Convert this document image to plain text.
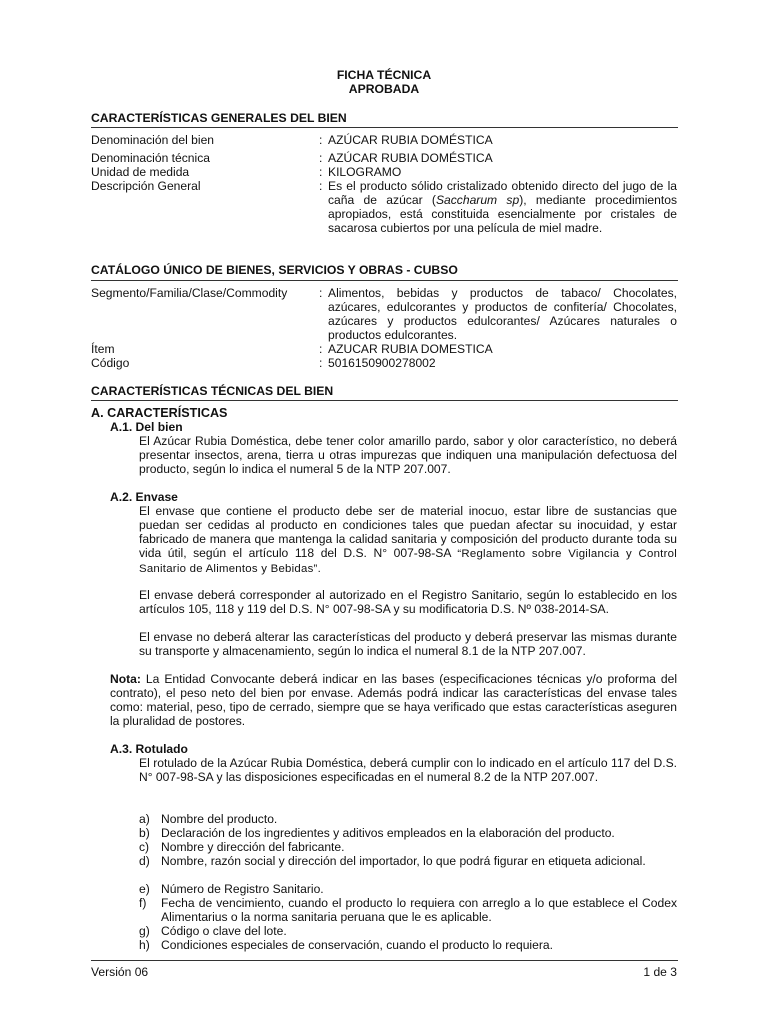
FICHA TÉCNICA
APROBADA
CARACTERÍSTICAS GENERALES DEL BIEN
Denominación del bien	: AZÚCAR RUBIA DOMÉSTICA
Denominación técnica	: AZÚCAR RUBIA DOMÉSTICA
Unidad de medida	: KILOGRAMO
Descripción General	: Es el producto sólido cristalizado obtenido directo del jugo de la caña de azúcar (Saccharum sp), mediante procedimientos apropiados, está constituida esencialmente por cristales de sacarosa cubiertos por una película de miel madre.
CATÁLOGO ÚNICO DE BIENES, SERVICIOS Y OBRAS - CUBSO
Segmento/Familia/Clase/Commodity	: Alimentos, bebidas y productos de tabaco/ Chocolates, azúcares, edulcorantes y productos de confitería/ Chocolates, azúcares y productos edulcorantes/ Azúcares naturales o productos edulcorantes.
Ítem	: AZUCAR RUBIA DOMESTICA
Código	: 5016150900278002
CARACTERÍSTICAS TÉCNICAS DEL BIEN
A. CARACTERÍSTICAS
A.1. Del bien
El Azúcar Rubia Doméstica, debe tener color amarillo pardo, sabor y olor característico, no deberá presentar insectos, arena, tierra u otras impurezas que indiquen una manipulación defectuosa del producto, según lo indica el numeral 5 de la NTP 207.007.
A.2. Envase
El envase que contiene el producto debe ser de material inocuo, estar libre de sustancias que puedan ser cedidas al producto en condiciones tales que puedan afectar su inocuidad, y estar fabricado de manera que mantenga la calidad sanitaria y composición del producto durante toda su vida útil, según el artículo 118 del D.S. N° 007-98-SA “Reglamento sobre Vigilancia y Control Sanitario de Alimentos y Bebidas”.
El envase deberá corresponder al autorizado en el Registro Sanitario, según lo establecido en los artículos 105, 118 y 119 del D.S. N° 007-98-SA y su modificatoria D.S. Nº 038-2014-SA.
El envase no deberá alterar las características del producto y deberá preservar las mismas durante su transporte y almacenamiento, según lo indica el numeral 8.1 de la NTP 207.007.
Nota: La Entidad Convocante deberá indicar en las bases (especificaciones técnicas y/o proforma del contrato), el peso neto del bien por envase. Además podrá indicar las características del envase tales como: material, peso, tipo de cerrado, siempre que se haya verificado que estas características aseguren la pluralidad de postores.
A.3. Rotulado
El rotulado de la Azúcar Rubia Doméstica, deberá cumplir con lo indicado en el artículo 117 del D.S. N° 007-98-SA y las disposiciones especificadas en el numeral 8.2 de la NTP 207.007.
a) Nombre del producto.
b) Declaración de los ingredientes y aditivos empleados en la elaboración del producto.
c) Nombre y dirección del fabricante.
d) Nombre, razón social y dirección del importador, lo que podrá figurar en etiqueta adicional.
e) Número de Registro Sanitario.
f) Fecha de vencimiento, cuando el producto lo requiera con arreglo a lo que establece el Codex Alimentarius o la norma sanitaria peruana que le es aplicable.
g) Código o clave del lote.
h) Condiciones especiales de conservación, cuando el producto lo requiera.
Versión 06	1 de 3
